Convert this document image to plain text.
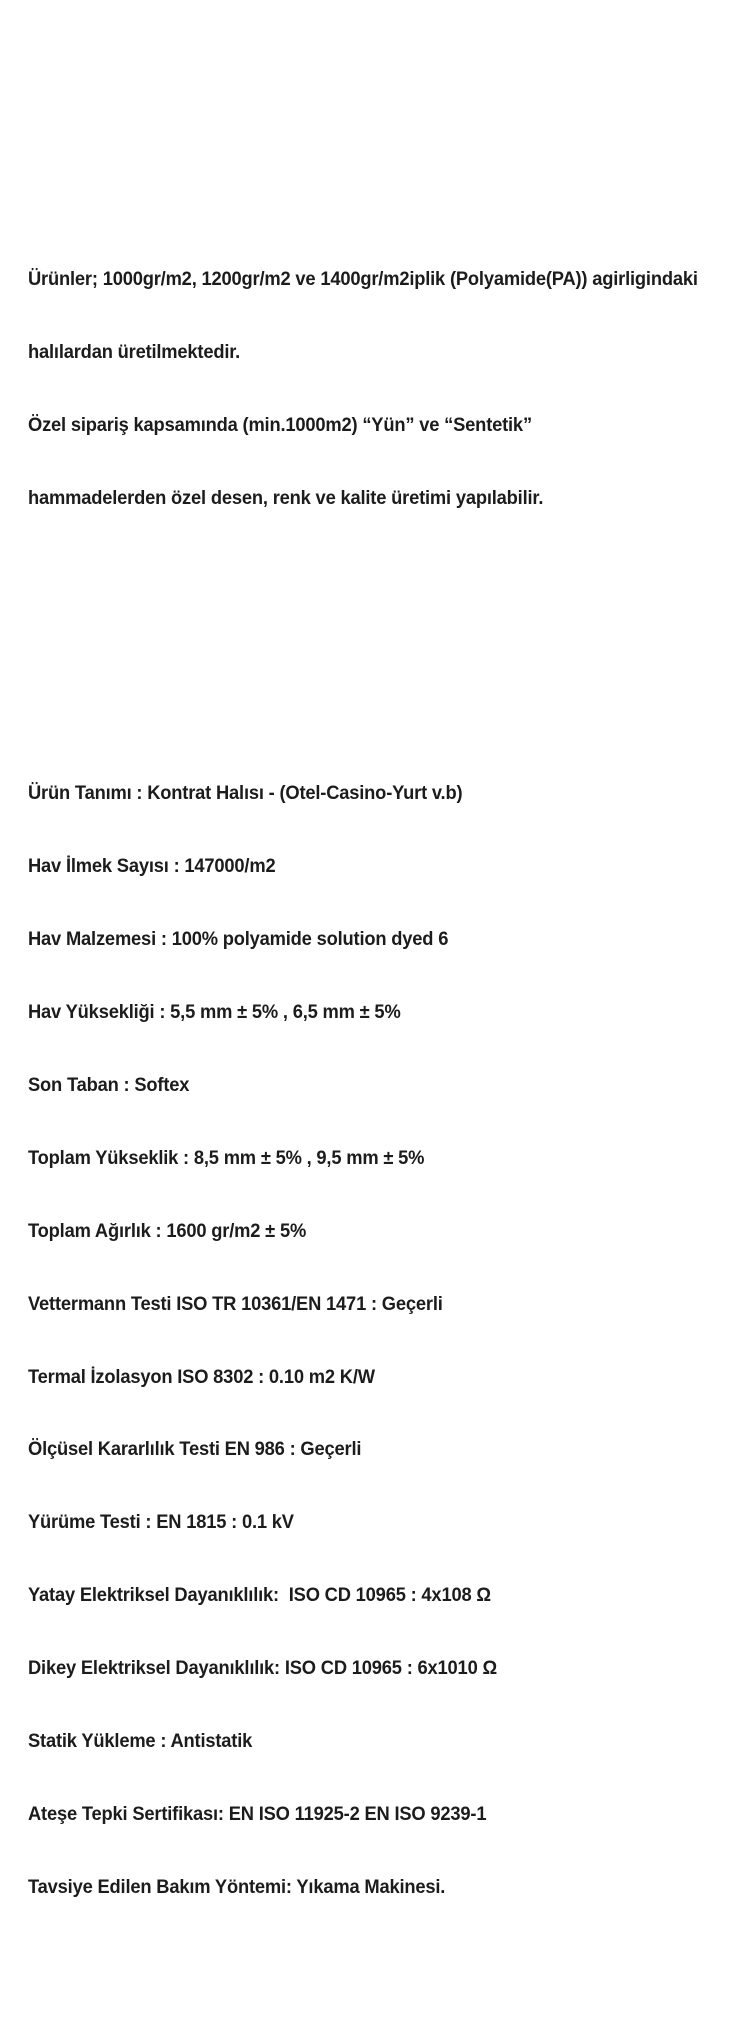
Ürünler; 1000gr/m2, 1200gr/m2 ve 1400gr/m2iplik (Polyamide(PA)) agirligindaki

halılardan üretilmektedir.

Özel sipariş kapsamında (min.1000m2) “Yün” ve “Sentetik”

hammadelerden özel desen, renk ve kalite üretimi yapılabilir.

Ürün Tanımı : Kontrat Halısı - (Otel-Casino-Yurt v.b)

Hav İlmek Sayısı : 147000/m2

Hav Malzemesi : 100% polyamide solution dyed 6

Hav Yüksekliği : 5,5 mm ± 5% , 6,5 mm ± 5%

Son Taban : Softex

Toplam Yükseklik : 8,5 mm ± 5% , 9,5 mm ± 5%

Toplam Ağırlık : 1600 gr/m2 ± 5%

Vettermann Testi ISO TR 10361/EN 1471 : Geçerli

Termal İzolasyon ISO 8302 : 0.10 m2 K/W

Ölçüsel Kararlılık Testi EN 986 : Geçerli

Yürüme Testi : EN 1815 : 0.1 kV

Yatay Elektriksel Dayanıklılık:  ISO CD 10965 : 4x108 Ω

Dikey Elektriksel Dayanıklılık: ISO CD 10965 : 6x1010 Ω

Statik Yükleme : Antistatik

Ateşe Tepki Sertifikası: EN ISO 11925-2 EN ISO 9239-1

Tavsiye Edilen Bakım Yöntemi: Yıkama Makinesi.
